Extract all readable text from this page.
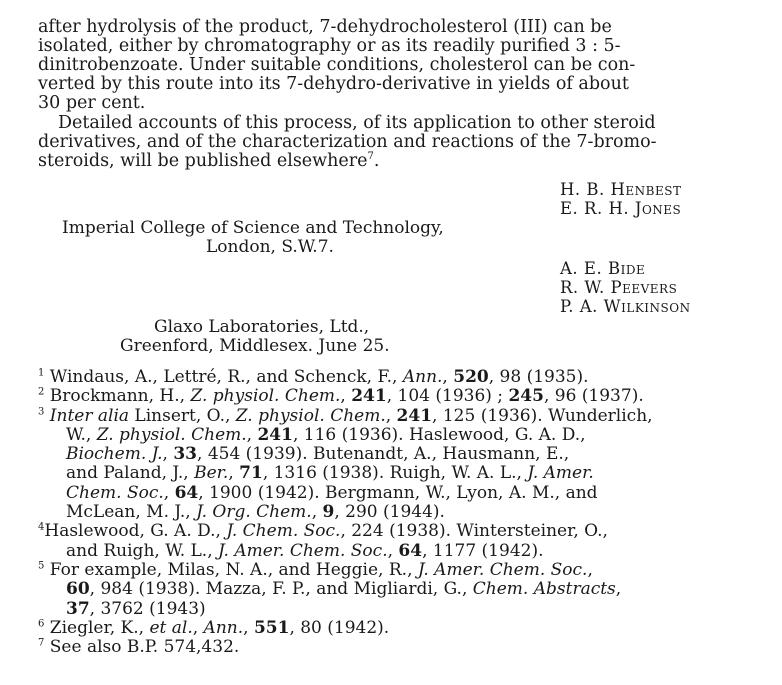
after hydrolysis of the product, 7-dehydrocholesterol (III) can be
isolated, either by chromatography or as its readily purified 3 : 5-
dinitrobenzoate. Under suitable conditions, cholesterol can be con-
verted by this route into its 7-dehydro-derivative in yields of about
30 per cent.
Detailed accounts of this process, of its application to other steroid
derivatives, and of the characterization and reactions of the 7-bromo-
steroids, will be published elsewhere$^7$.
H. B. Henbest
E. R. H. Jones
Imperial College of Science and Technology,
London, S.W.7.
A. E. Bide
R. W. Peevers
P. A. Wilkinson
Glaxo Laboratories, Ltd.,
Greenford, Middlesex. June 25.
$^1$ Windaus, A., Lettré, R., and Schenck, F., Ann., 520, 98 (1935).
$^2$ Brockmann, H., Z. physiol. Chem., 241, 104 (1936) ; 245, 96 (1937).
$^3$ Inter alia Linsert, O., Z. physiol. Chem., 241, 125 (1936). Wunderlich,
W., Z. physiol. Chem., 241, 116 (1936). Haslewood, G. A. D.,
Biochem. J., 33, 454 (1939). Butenandt, A., Hausmann, E.,
and Paland, J., Ber., 71, 1316 (1938). Ruigh, W. A. L., J. Amer.
Chem. Soc., 64, 1900 (1942). Bergmann, W., Lyon, A. M., and
McLean, M. J., J. Org. Chem., 9, 290 (1944).
$^4$Haslewood, G. A. D., J. Chem. Soc., 224 (1938). Wintersteiner, O.,
and Ruigh, W. L., J. Amer. Chem. Soc., 64, 1177 (1942).
$^5$ For example, Milas, N. A., and Heggie, R., J. Amer. Chem. Soc.,
60, 984 (1938). Mazza, F. P., and Migliardi, G., Chem. Abstracts,
37, 3762 (1943)
$^6$ Ziegler, K., et al., Ann., 551, 80 (1942).
$^7$ See also B.P. 574,432.
